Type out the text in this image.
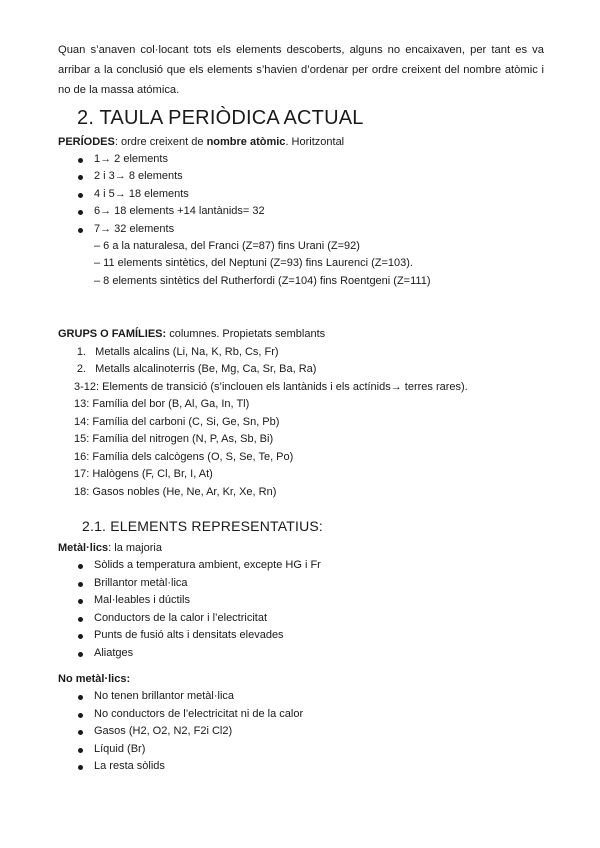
Quan s’anaven col·locant tots els elements descoberts, alguns no encaixaven, per tant es va arribar a la conclusió que els elements s’havien d’ordenar per ordre creixent del nombre atòmic i no de la massa atómica.

2. TAULA PERIÒDICA ACTUAL
PERÍODES: ordre creixent de nombre atòmic. Horitzontal
1→ 2 elements
2 i 3→ 8 elements
4 i 5→ 18 elements
6→ 18 elements +14 lantànids= 32
7→ 32 elements
– 6 a la naturalesa, del Franci (Z=87) fins Urani (Z=92)
– 11 elements sintètics, del Neptuni (Z=93) fins Laurenci (Z=103).
– 8 elements sintètics del Rutherfordi (Z=104) fins Roentgeni (Z=111)
GRUPS O FAMÍLIES: columnes. Propietats semblants
1. Metalls alcalins (Li, Na, K, Rb, Cs, Fr)
2. Metalls alcalinoterris (Be, Mg, Ca, Sr, Ba, Ra)
3-12: Elements de transició (s’inclouen els lantànids i els actínids→ terres rares).
13: Família del bor (B, Al, Ga, In, Tl)
14: Família del carboni (C, Si, Ge, Sn, Pb)
15: Família del nitrogen (N, P, As, Sb, Bi)
16: Família dels calcògens (O, S, Se, Te, Po)
17: Halògens (F, Cl, Br, I, At)
18: Gasos nobles (He, Ne, Ar, Kr, Xe, Rn)
2.1. ELEMENTS REPRESENTATIUS:
Metàl·lics: la majoria
Sòlids a temperatura ambient, excepte HG i Fr
Brillantor metàl·lica
Mal·leables i dúctils
Conductors de la calor i l’electricitat
Punts de fusió alts i densitats elevades
Aliatges
No metàl·lics:
No tenen brillantor metàl·lica
No conductors de l’electricitat ni de la calor
Gasos (H2, O2, N2, F2i Cl2)
Líquid (Br)
La resta sòlids
